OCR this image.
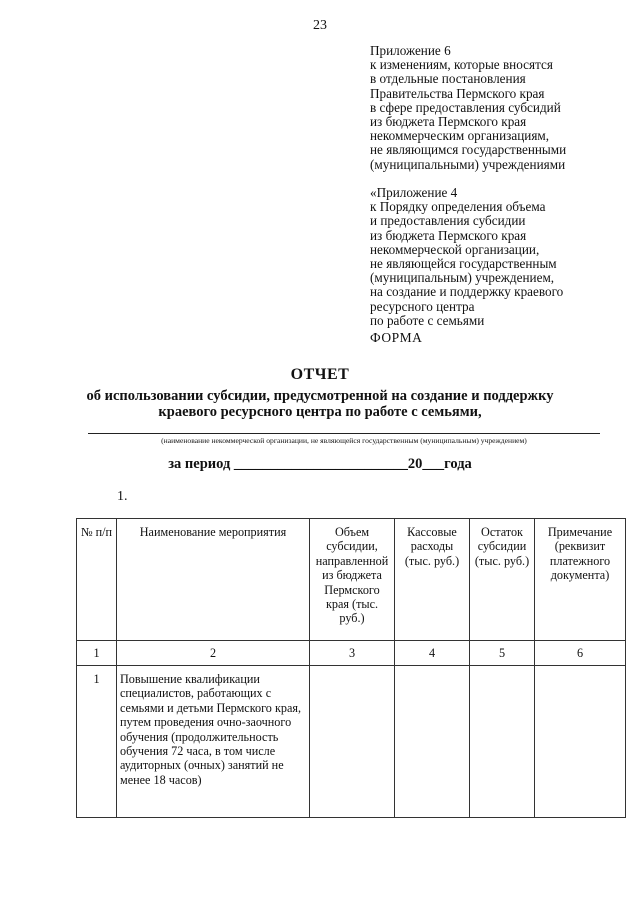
23
Приложение 6
к изменениям, которые вносятся
в отдельные постановления
Правительства Пермского края
в сфере предоставления субсидий
из бюджета Пермского края
некоммерческим организациям,
не являющимся государственными
(муниципальными) учреждениями
«Приложение 4
к Порядку определения объема
и предоставления субсидии
из бюджета Пермского края
некоммерческой организации,
не являющейся государственным
(муниципальным) учреждением,
на создание и поддержку краевого
ресурсного центра
по работе с семьями
ФОРМА
ОТЧЕТ
об использовании субсидии, предусмотренной на создание и поддержку
краевого ресурсного центра по работе с семьями,
(наименование некоммерческой организации, не являющейся государственным (муниципальным) учреждением)
за период ________________________20___года
1.
№ п/п	Наименование мероприятия	Объем субсидии, направленной из бюджета Пермского края (тыс. руб.)	Кассовые расходы (тыс. руб.)	Остаток субсидии (тыс. руб.)	Примечание (реквизит платежного документа)
1	2	3	4	5	6
1	Повышение квалификации специалистов, работающих с семьями и детьми Пермского края, путем проведения очно-заочного обучения (продолжительность обучения 72 часа, в том числе аудиторных (очных) занятий не менее 18 часов)				
